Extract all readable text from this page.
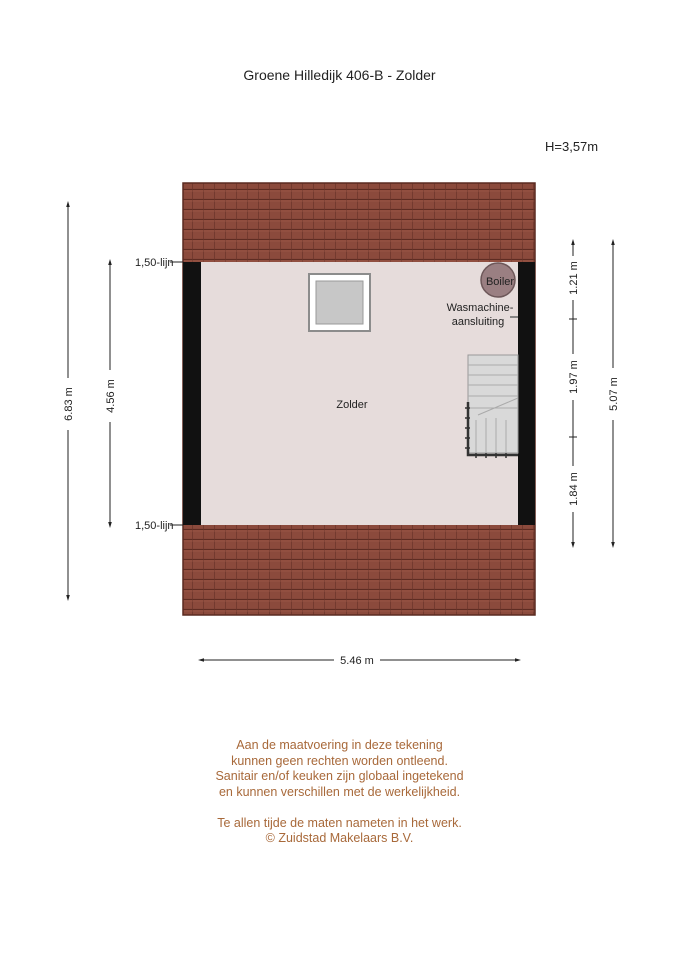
Groene Hilledijk 406-B - Zolder
H=3,57m
1,50-lijn
1,50-lijn
Zolder
Boiler
Wasmachine-
aansluiting
6.83 m	4.56 m
1.21 m
1.97 m
1.84 m
5.07 m
5.46 m
Aan de maatvoering in deze tekening
kunnen geen rechten worden ontleend.
Sanitair en/of keuken zijn globaal ingetekend
en kunnen verschillen met de werkelijkheid.
Te allen tijde de maten nameten in het werk.
© Zuidstad Makelaars B.V.
